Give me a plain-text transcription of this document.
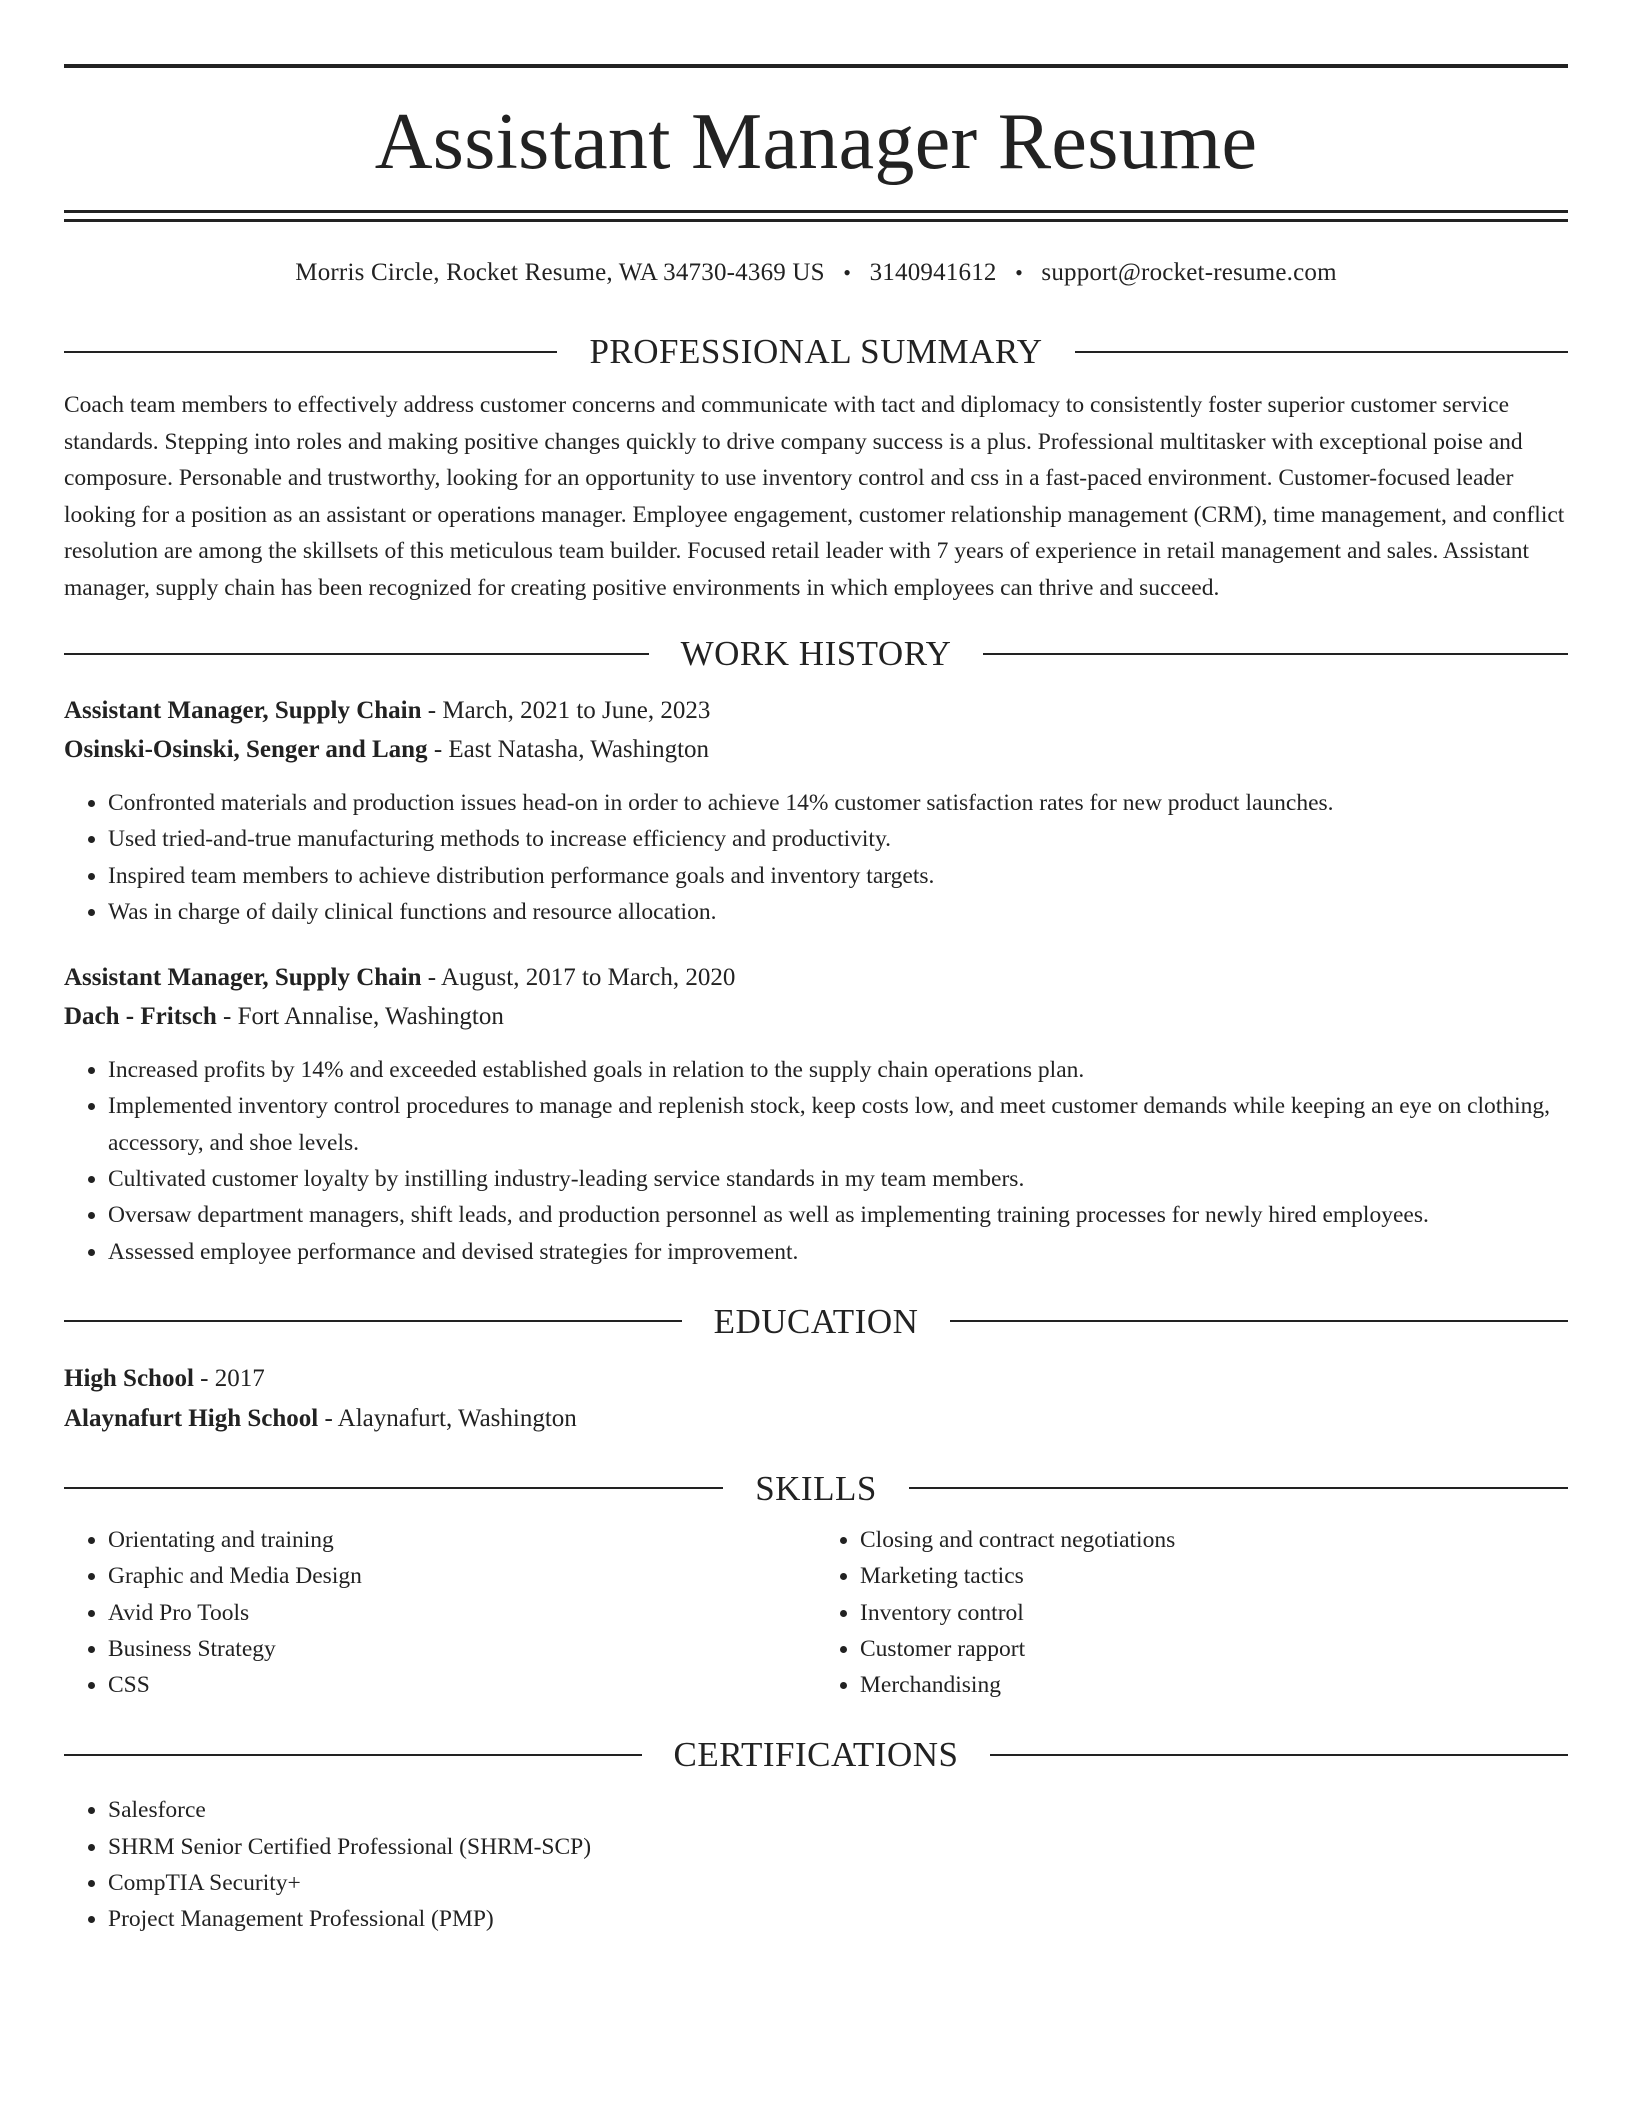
Assistant Manager Resume
Morris Circle, Rocket Resume, WA 34730-4369 US • 3140941612 • support@rocket-resume.com
PROFESSIONAL SUMMARY

Coach team members to effectively address customer concerns and communicate with tact and diplomacy to consistently foster superior customer service standards. Stepping into roles and making positive changes quickly to drive company success is a plus. Professional multitasker with exceptional poise and composure. Personable and trustworthy, looking for an opportunity to use inventory control and css in a fast-paced environment. Customer-focused leader looking for a position as an assistant or operations manager. Employee engagement, customer relationship management (CRM), time management, and conflict resolution are among the skillsets of this meticulous team builder. Focused retail leader with 7 years of experience in retail management and sales. Assistant manager, supply chain has been recognized for creating positive environments in which employees can thrive and succeed.

WORK HISTORY
Assistant Manager, Supply Chain - March, 2021 to June, 2023
Osinski-Osinski, Senger and Lang - East Natasha, Washington
• Confronted materials and production issues head-on in order to achieve 14% customer satisfaction rates for new product launches.
• Used tried-and-true manufacturing methods to increase efficiency and productivity.
• Inspired team members to achieve distribution performance goals and inventory targets.
• Was in charge of daily clinical functions and resource allocation.
Assistant Manager, Supply Chain - August, 2017 to March, 2020
Dach - Fritsch - Fort Annalise, Washington
• Increased profits by 14% and exceeded established goals in relation to the supply chain operations plan.
• Implemented inventory control procedures to manage and replenish stock, keep costs low, and meet customer demands while keeping an eye on clothing, accessory, and shoe levels.
• Cultivated customer loyalty by instilling industry-leading service standards in my team members.
• Oversaw department managers, shift leads, and production personnel as well as implementing training processes for newly hired employees.
• Assessed employee performance and devised strategies for improvement.
EDUCATION
High School - 2017
Alaynafurt High School - Alaynafurt, Washington
SKILLS
• Orientating and training
• Graphic and Media Design
• Avid Pro Tools
• Business Strategy
• CSS
• Closing and contract negotiations
• Marketing tactics
• Inventory control
• Customer rapport
• Merchandising
CERTIFICATIONS
• Salesforce
• SHRM Senior Certified Professional (SHRM-SCP)
• CompTIA Security+
• Project Management Professional (PMP)
